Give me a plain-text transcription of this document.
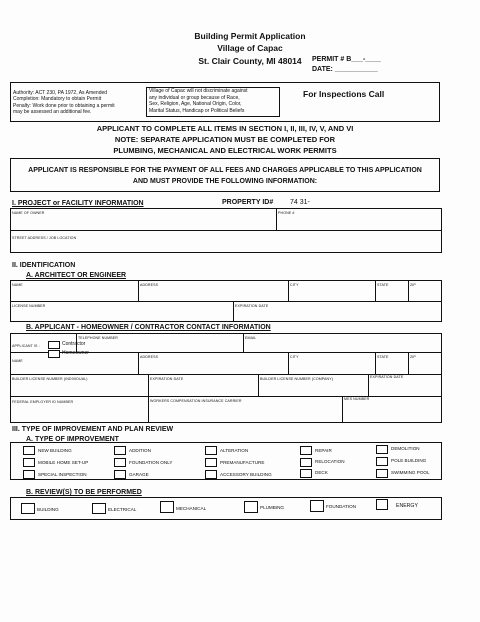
Building Permit Application
Village of Capac
St. Clair County, MI 48014	PERMIT # B___-____
DATE: ___________
Authority: ACT 230, PA 1972, As Amended
Completion: Mandatory to obtain Permit
Penalty: Work done prior to obtaining a permit
may be assessed an additional fee.
Village of Capac will not discriminate against
any individual or group because of Race,
Sex, Religion, Age, National Origin, Color,
Marital Status, Handicap or Political Beliefs
For Inspections Call
APPLICANT TO COMPLETE ALL ITEMS IN SECTION I, II, III, IV, V, AND VI
NOTE: SEPARATE APPLICATION MUST BE COMPLETED FOR
PLUMBING, MECHANICAL AND ELECTRICAL WORK PERMITS
APPLICANT IS RESPONSIBLE FOR THE PAYMENT OF ALL FEES AND CHARGES APPLICABLE TO THIS APPLICATION
AND MUST PROVIDE THE FOLLOWING INFORMATION:
I. PROJECT or FACILITY INFORMATION	PROPERTY ID# 74 31-
NAME OF OWNER	PHONE #
STREET ADDRESS / JOB LOCATION
II. IDENTIFICATION
A. ARCHITECT OR ENGINEER
NAME	ADDRESS	CITY	STATE	ZIP
LICENSE NUMBER	EXPIRATION DATE
B. APPLICANT - HOMEOWNER / CONTRACTOR CONTACT INFORMATION
TELEPHONE NUMBER	EMAIL
APPLICANT IS :	Contractor
Homeowner
NAME
ADDRESS	CITY	STATE	ZIP
BUILDER LICENSE NUMBER (INDIVIDUAL)	EXPIRATION DATE	BUILDER LICENSE NUMBER (COMPANY)	EXPIRATION DATE
FEDERAL EMPLOYER ID NUMBER	WORKERS COMPENSATION INSURANCE CARRIER	MES NUMBER
III. TYPE OF IMPROVEMENT AND PLAN REVIEW
A. TYPE OF IMPROVEMENT
NEW BUILDING	ADDITION	ALTERATION	REPAIR	DEMOLITION
MOBILE HOME SET-UP	FOUNDATION ONLY	PREMANUFACTURE	RELOCATION	POLE BUILDING
SPECIAL INSPECTION	GARAGE	ACCESSORY BUILDING	DECK	SWIMMING POOL
B. REVIEW(S) TO BE PERFORMED
BUILDING	ELECTRICAL	MECHANICAL	PLUMBING	FOUNDATION	ENERGY
